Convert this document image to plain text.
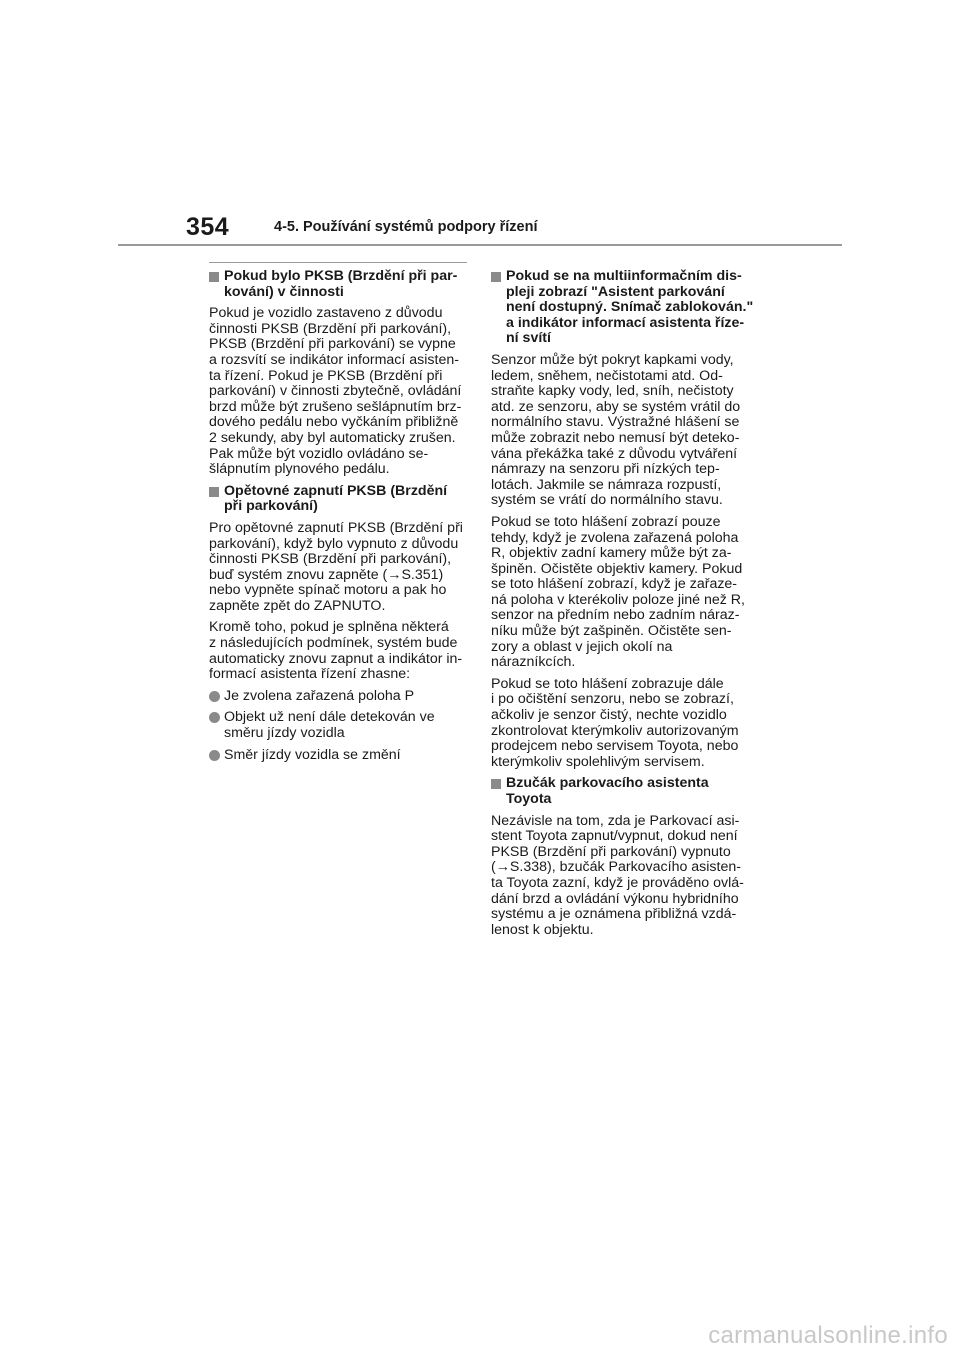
354	4-5. Používání systémů podpory řízení
Pokud bylo PKSB (Brzdění při par-
kování) v činnosti
Pokud je vozidlo zastaveno z důvodu
činnosti PKSB (Brzdění při parkování),
PKSB (Brzdění při parkování) se vypne
a rozsvítí se indikátor informací asisten-
ta řízení. Pokud je PKSB (Brzdění při
parkování) v činnosti zbytečně, ovládání
brzd může být zrušeno sešlápnutím brz-
dového pedálu nebo vyčkáním přibližně
2 sekundy, aby byl automaticky zrušen.
Pak může být vozidlo ovládáno se-
šlápnutím plynového pedálu.
Opětovné zapnutí PKSB (Brzdění
při parkování)
Pro opětovné zapnutí PKSB (Brzdění při
parkování), když bylo vypnuto z důvodu
činnosti PKSB (Brzdění při parkování),
buď systém znovu zapněte (→S.351)
nebo vypněte spínač motoru a pak ho
zapněte zpět do ZAPNUTO.
Kromě toho, pokud je splněna některá
z následujících podmínek, systém bude
automaticky znovu zapnut a indikátor in-
formací asistenta řízení zhasne:
Je zvolena zařazená poloha P
Objekt už není dále detekován ve
směru jízdy vozidla
Směr jízdy vozidla se změní
Pokud se na multiinformačním dis-
pleji zobrazí "Asistent parkování
není dostupný. Snímač zablokován."
a indikátor informací asistenta říze-
ní svítí
Senzor může být pokryt kapkami vody,
ledem, sněhem, nečistotami atd. Od-
straňte kapky vody, led, sníh, nečistoty
atd. ze senzoru, aby se systém vrátil do
normálního stavu. Výstražné hlášení se
může zobrazit nebo nemusí být deteko-
vána překážka také z důvodu vytváření
námrazy na senzoru při nízkých tep-
lotách. Jakmile se námraza rozpustí,
systém se vrátí do normálního stavu.
Pokud se toto hlášení zobrazí pouze
tehdy, když je zvolena zařazená poloha
R, objektiv zadní kamery může být za-
špiněn. Očistěte objektiv kamery. Pokud
se toto hlášení zobrazí, když je zařaze-
ná poloha v kterékoliv poloze jiné než R,
senzor na předním nebo zadním náraz-
níku může být zašpiněn. Očistěte sen-
zory a oblast v jejich okolí na
nárazníkcích.
Pokud se toto hlášení zobrazuje dále
i po očištění senzoru, nebo se zobrazí,
ačkoliv je senzor čistý, nechte vozidlo
zkontrolovat kterýmkoliv autorizovaným
prodejcem nebo servisem Toyota, nebo
kterýmkoliv spolehlivým servisem.
Bzučák parkovacího asistenta
Toyota
Nezávisle na tom, zda je Parkovací asi-
stent Toyota zapnut/vypnut, dokud není
PKSB (Brzdění při parkování) vypnuto
(→S.338), bzučák Parkovacího asisten-
ta Toyota zazní, když je prováděno ovlá-
dání brzd a ovládání výkonu hybridního
systému a je oznámena přibližná vzdá-
lenost k objektu.
carmanualsonline.info
